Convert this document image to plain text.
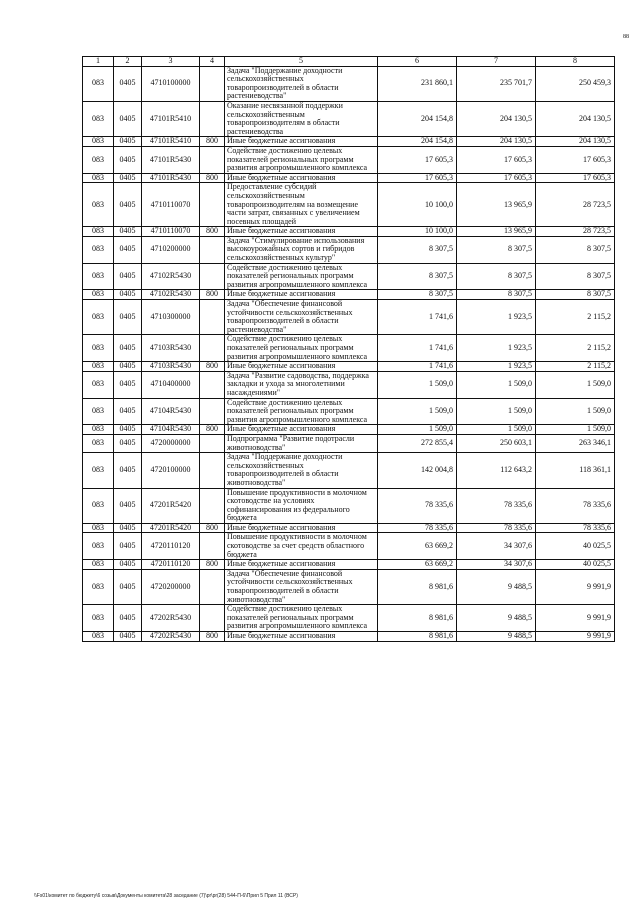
88
1	2	3	4	5	6	7	8
083	0405	4710100000		Задача "Поддержание доходности сельскохозяйственных товаропроизводителей в области растениеводства"	231 860,1	235 701,7	250 459,3
083	0405	47101R5410		Оказание несвязанной поддержки сельскохозяйственным товаропроизводителям в области растениеводства	204 154,8	204 130,5	204 130,5
083	0405	47101R5410	800	Иные бюджетные ассигнования	204 154,8	204 130,5	204 130,5
083	0405	47101R5430		Содействие достижению целевых показателей региональных программ развития агропромышленного комплекса	17 605,3	17 605,3	17 605,3
083	0405	47101R5430	800	Иные бюджетные ассигнования	17 605,3	17 605,3	17 605,3
083	0405	4710110070		Предоставление субсидий сельскохозяйственным товаропроизводителям на возмещение части затрат, связанных с увеличением посевных площадей	10 100,0	13 965,9	28 723,5
083	0405	4710110070	800	Иные бюджетные ассигнования	10 100,0	13 965,9	28 723,5
083	0405	4710200000		Задача "Стимулирование использования высокоурожайных сортов и гибридов сельскохозяйственных культур"	8 307,5	8 307,5	8 307,5
083	0405	47102R5430		Содействие достижению целевых показателей региональных программ развития агропромышленного комплекса	8 307,5	8 307,5	8 307,5
083	0405	47102R5430	800	Иные бюджетные ассигнования	8 307,5	8 307,5	8 307,5
083	0405	4710300000		Задача "Обеспечение финансовой устойчивости сельскохозяйственных товаропроизводителей в области растениеводства"	1 741,6	1 923,5	2 115,2
083	0405	47103R5430		Содействие достижению целевых показателей региональных программ развития агропромышленного комплекса	1 741,6	1 923,5	2 115,2
083	0405	47103R5430	800	Иные бюджетные ассигнования	1 741,6	1 923,5	2 115,2
083	0405	4710400000		Задача "Развитие садоводства, поддержка закладки и ухода за многолетними насаждениями"	1 509,0	1 509,0	1 509,0
083	0405	47104R5430		Содействие достижению целевых показателей региональных программ развития агропромышленного комплекса	1 509,0	1 509,0	1 509,0
083	0405	47104R5430	800	Иные бюджетные ассигнования	1 509,0	1 509,0	1 509,0
083	0405	4720000000		Подпрограмма "Развитие подотрасли животноводства"	272 855,4	250 603,1	263 346,1
083	0405	4720100000		Задача "Поддержание доходности сельскохозяйственных товаропроизводителей в области животноводства"	142 004,8	112 643,2	118 361,1
083	0405	47201R5420		Повышение продуктивности в молочном скотоводстве на условиях софинансирования из федерального бюджета	78 335,6	78 335,6	78 335,6
083	0405	47201R5420	800	Иные бюджетные ассигнования	78 335,6	78 335,6	78 335,6
083	0405	4720110120		Повышение продуктивности в молочном скотоводстве за счет средств областного бюджета	63 669,2	34 307,6	40 025,5
083	0405	4720110120	800	Иные бюджетные ассигнования	63 669,2	34 307,6	40 025,5
083	0405	4720200000		Задача "Обеспечение финансовой устойчивости сельскохозяйственных товаропроизводителей в области животноводства"	8 981,6	9 488,5	9 991,9
083	0405	47202R5430		Содействие достижению целевых показателей региональных программ развития агропромышленного комплекса	8 981,6	9 488,5	9 991,9
083	0405	47202R5430	800	Иные бюджетные ассигнования	8 981,6	9 488,5	9 991,9
\\Fs01\комитет по бюджету\6 созыв\Документы комитета\28 заседание (7)\pr\pr(28) 544-П-6\Прил 5 Прил 11 (ВСР)
